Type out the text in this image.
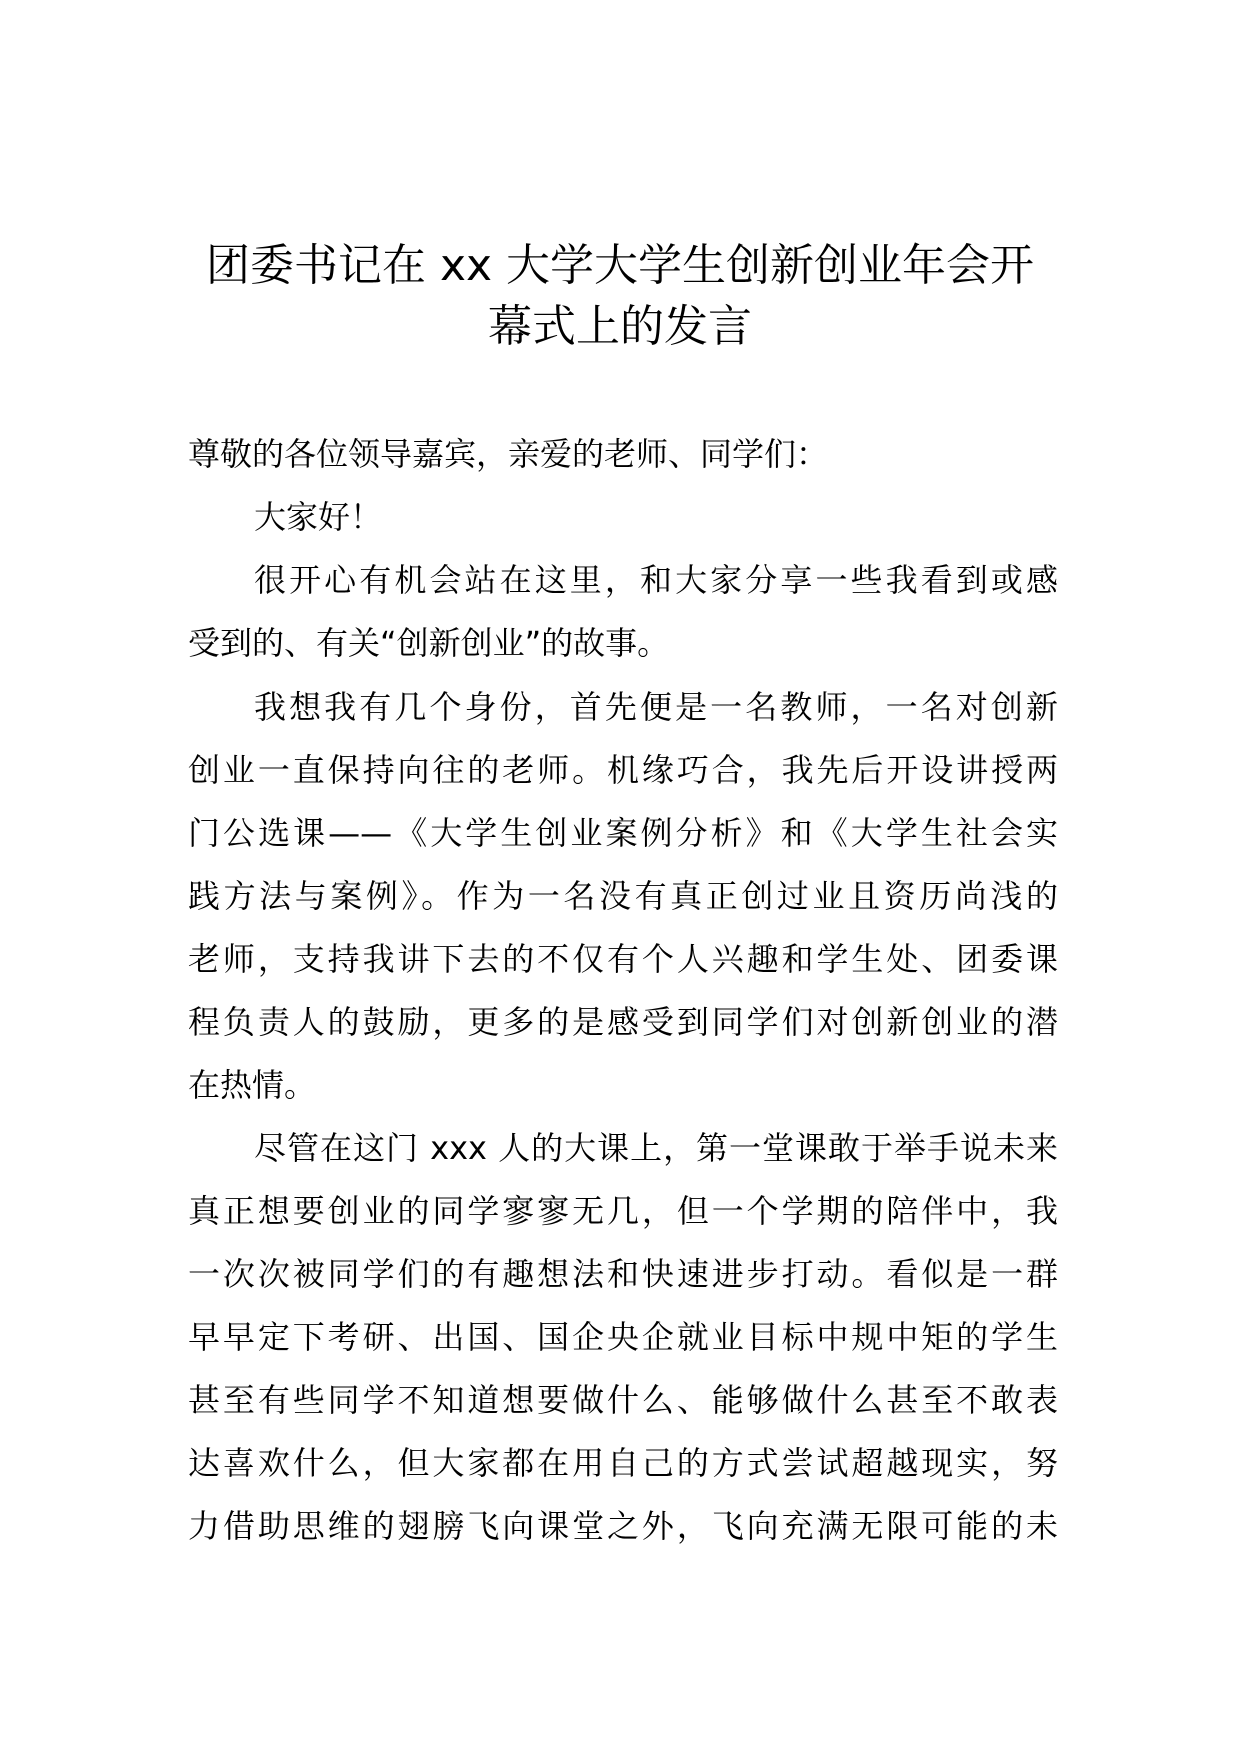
团委书记在 xx 大学大学生创新创业年会开
幕式上的发言
尊敬的各位领导嘉宾，亲爱的老师、同学们：
大家好！
很开心有机会站在这里，和大家分享一些我看到或感
受到的、有关“创新创业”的故事。
我想我有几个身份，首先便是一名教师，一名对创新
创业一直保持向往的老师。机缘巧合，我先后开设讲授两
门公选课——《大学生创业案例分析》和《大学生社会实
践方法与案例》。作为一名没有真正创过业且资历尚浅的
老师，支持我讲下去的不仅有个人兴趣和学生处、团委课
程负责人的鼓励，更多的是感受到同学们对创新创业的潜
在热情。
尽管在这门 xxx 人的大课上，第一堂课敢于举手说未来
真正想要创业的同学寥寥无几，但一个学期的陪伴中，我
一次次被同学们的有趣想法和快速进步打动。看似是一群
早早定下考研、出国、国企央企就业目标中规中矩的学生
甚至有些同学不知道想要做什么、能够做什么甚至不敢表
达喜欢什么，但大家都在用自己的方式尝试超越现实，努
力借助思维的翅膀飞向课堂之外，飞向充满无限可能的未
